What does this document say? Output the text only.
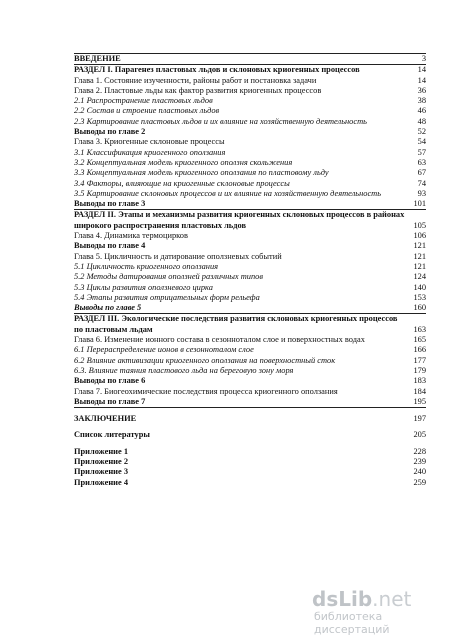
ВВЕДЕНИЕ	3

РАЗДЕЛ I. Парагенез пластовых льдов и склоновых криогенных процессов	14

Глава 1. Состояние изученности, районы работ и постановка задачи	14

Глава 2. Пластовые льды как фактор развития криогенных процессов	36

2.1 Распространение пластовых льдов	38

2.2 Состав и строение пластовых льдов	46

2.3 Картирование пластовых льдов и их влияние на хозяйственную деятельность	48

Выводы по главе 2	52

Глава 3. Криогенные склоновые процессы	54

3.1 Классификация криогенного оползания	57

3.2 Концептуальная модель криогенного оползня скольжения	63

3.3 Концептуальная модель криогенного оползания по пластовому льду	67

3.4 Факторы, влияющие на криогенные склоновые процессы	74

3.5 Картирование склоновых процессов и их влияние на хозяйственную деятельность	93

Выводы по главе 3	101

РАЗДЕЛ II. Этапы и механизмы развития криогенных склоновых процессов в районах широкого распространения пластовых льдов	105

Глава 4. Динамика термоцирков	106

Выводы по главе 4	121

Глава 5. Цикличность и датирование оползневых событий	121

5.1 Цикличность криогенного оползания	121

5.2 Методы датирования оползней различных типов	124

5.3 Циклы развития оползневого цирка	140

5.4 Этапы развития отрицательных форм рельефа	153

Выводы по главе 5	160

РАЗДЕЛ III. Экологические последствия развития склоновых криогенных процессов по пластовым льдам	163

Глава 6. Изменение ионного состава в сезонноталом слое и поверхностных водах	165

6.1 Перераспределение ионов в сезонноталом слое	166

6.2 Влияние активизации криогенного оползания на поверхностный сток	177

6.3. Влияние таяния пластового льда на береговую зону моря	179

Выводы по главе 6	183

Глава 7. Биогеохимические последствия процесса криогенного оползания	184

Выводы по главе 7	195

ЗАКЛЮЧЕНИЕ	197

Список литературы	205

Приложение 1	228

Приложение 2	239

Приложение 3	240

Приложение 4	259
dsLib.net
библиотека диссертаций
